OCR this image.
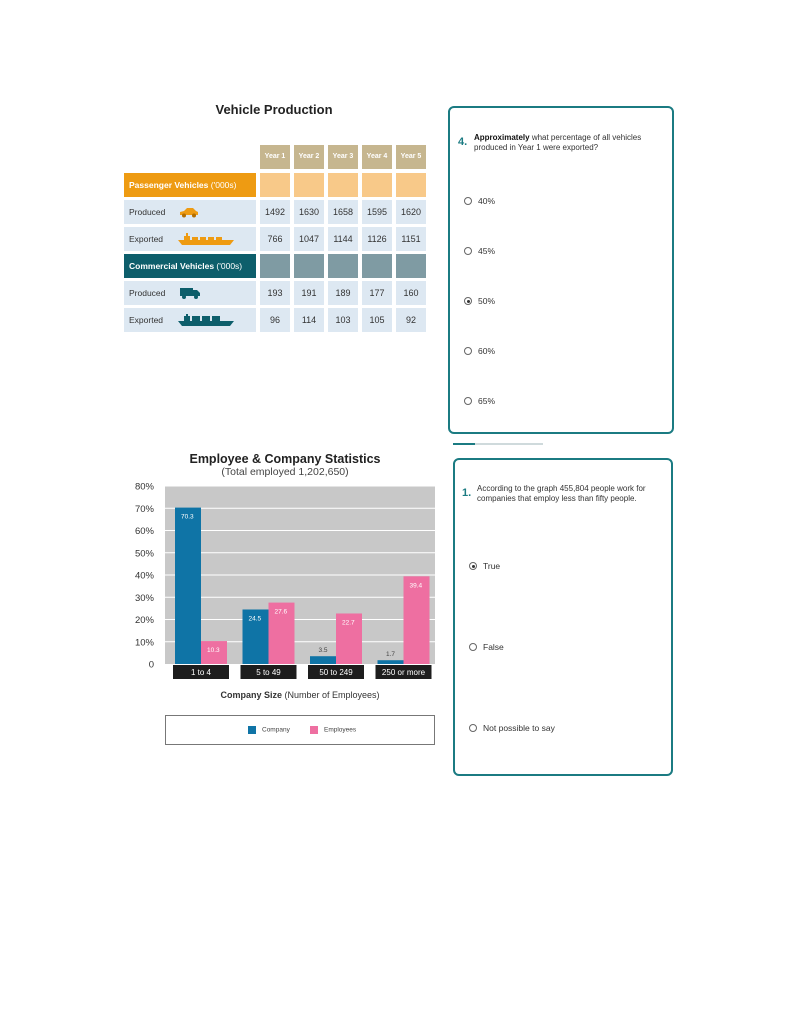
Vehicle Production
Year 1	Year 2	Year 3	Year 4	Year 5
Passenger Vehicles ('000s)
Produced	1492	1630	1658	1595	1620
Exported	766	1047	1144	1126	1151
Commercial Vehicles ('000s)
Produced	193	191	189	177	160
Exported	96	114	103	105	92
4. Approximately what percentage of all vehicles produced in Year 1 were exported?
40%
45%
50%
60%
65%
Employee & Company Statistics
(Total employed 1,202,650)
0
10%
20%
30%
40%
50%
60%
70%
80%
70.3
10.3
1 to 4
24.5
27.6
5 to 49
3.5
22.7
50 to 249
1.7
39.4
250 or more
Company Size (Number of Employees)
Company	Employees
1. According to the graph 455,804 people work for companies that employ less than fifty people.
True
False
Not possible to say
